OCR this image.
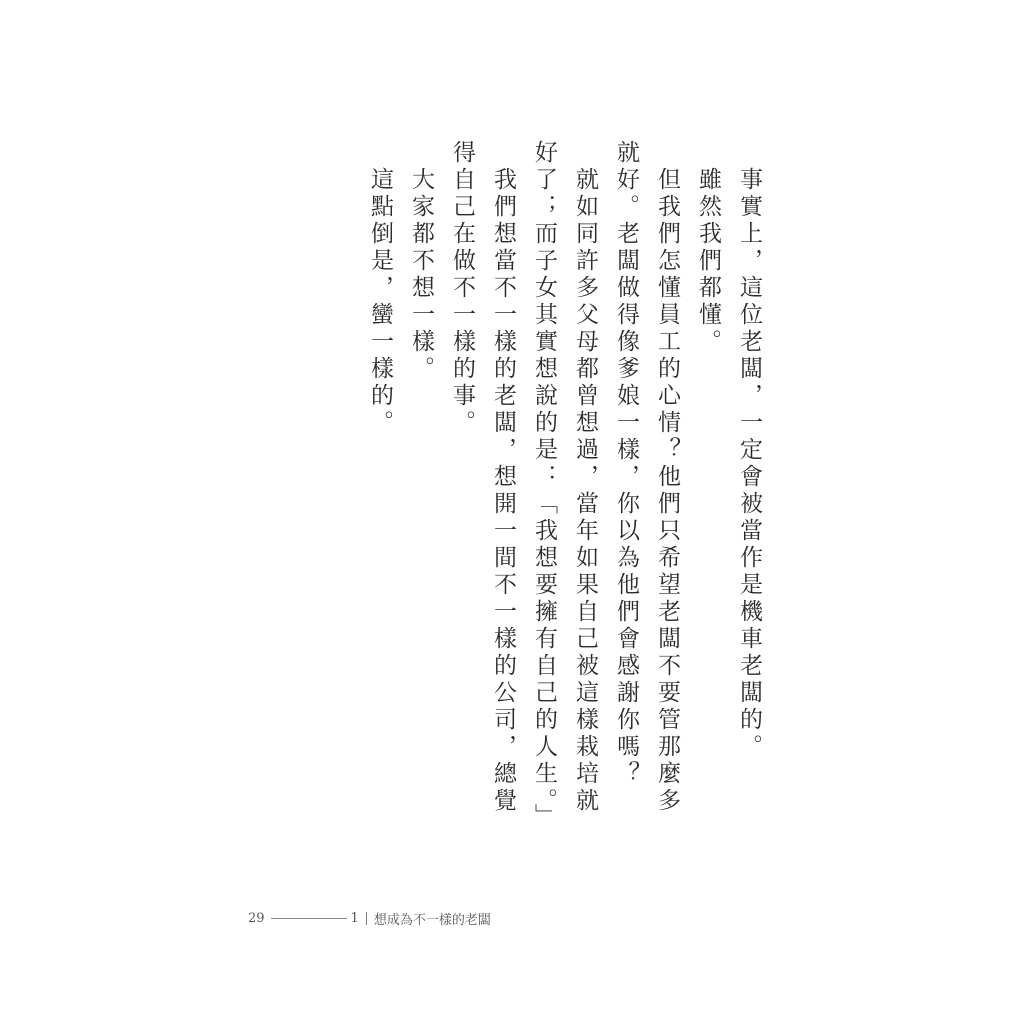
　事實上，這位老闆，一定會被當作是機車老闆的。

　雖然我們都懂。

　但我們怎懂員工的心情？他們只希望老闆不要管那麼多就好。老闆做得像爹娘一樣，你以為他們會感謝你嗎？

　就如同許多父母都曾想過，當年如果自己被這樣栽培就好了；而子女其實想說的是：「我想要擁有自己的人生。」

　我們想當不一樣的老闆，想開一間不一樣的公司，總覺得自己在做不一樣的事。

　大家都不想一樣。

　這點倒是，蠻一樣的。

29	1 想成為不一樣的老闆
